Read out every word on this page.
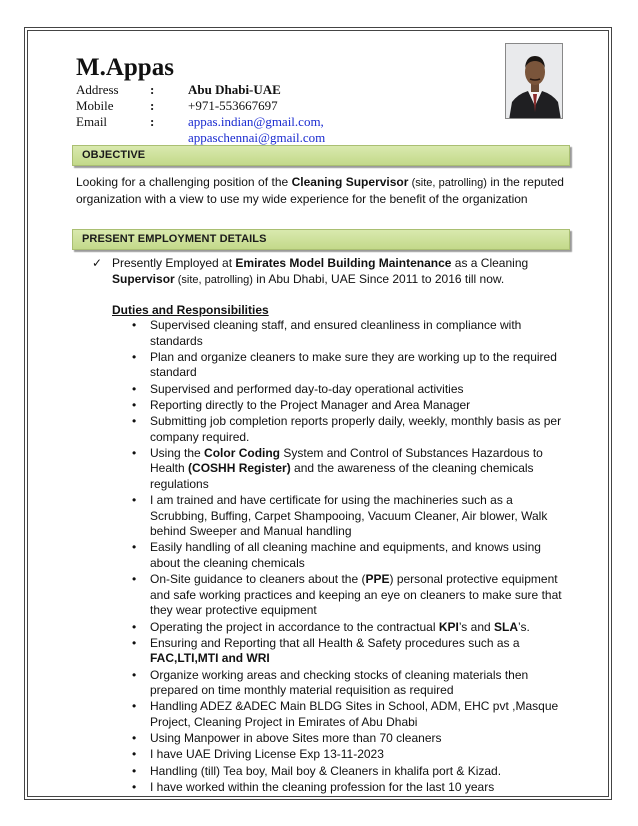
M.Appas
Address :	Abu Dhabi-UAE
Mobile	:	+971-553667697
Email	:	appas.indian@gmail.com,
appaschennai@gmail.com
OBJECTIVE
Looking for a challenging position of the Cleaning Supervisor (site, patrolling) in the reputed organization with a view to use my wide experience for the benefit of the organization
PRESENT EMPLOYMENT DETAILS
✓ Presently Employed at Emirates Model Building Maintenance as a Cleaning Supervisor (site, patrolling) in Abu Dhabi, UAE Since 2011 to 2016 till now.
Duties and Responsibilities
• Supervised cleaning staff, and ensured cleanliness in compliance with standards
• Plan and organize cleaners to make sure they are working up to the required standard
• Supervised and performed day-to-day operational activities
• Reporting directly to the Project Manager and Area Manager
• Submitting job completion reports properly daily, weekly, monthly basis as per company required.
• Using the Color Coding System and Control of Substances Hazardous to Health (COSHH Register) and the awareness of the cleaning chemicals regulations
• I am trained and have certificate for using the machineries such as a Scrubbing, Buffing, Carpet Shampooing, Vacuum Cleaner, Air blower, Walk behind Sweeper and Manual handling
• Easily handling of all cleaning machine and equipments, and knows using about the cleaning chemicals
• On-Site guidance to cleaners about the (PPE) personal protective equipment and safe working practices and keeping an eye on cleaners to make sure that they wear protective equipment
• Operating the project in accordance to the contractual KPI’s and SLA’s.
• Ensuring and Reporting that all Health & Safety procedures such as a
FAC,LTI,MTI and WRI
• Organize working areas and checking stocks of cleaning materials then prepared on time monthly material requisition as required
• Handling ADEZ &ADEC Main BLDG Sites in School, ADM, EHC pvt ,Masque Project, Cleaning Project in Emirates of Abu Dhabi
• Using Manpower in above Sites more than 70 cleaners
• I have UAE Driving License Exp 13-11-2023
• Handling (till) Tea boy, Mail boy & Cleaners in khalifa port & Kizad.
• I have worked within the cleaning profession for the last 10 years
